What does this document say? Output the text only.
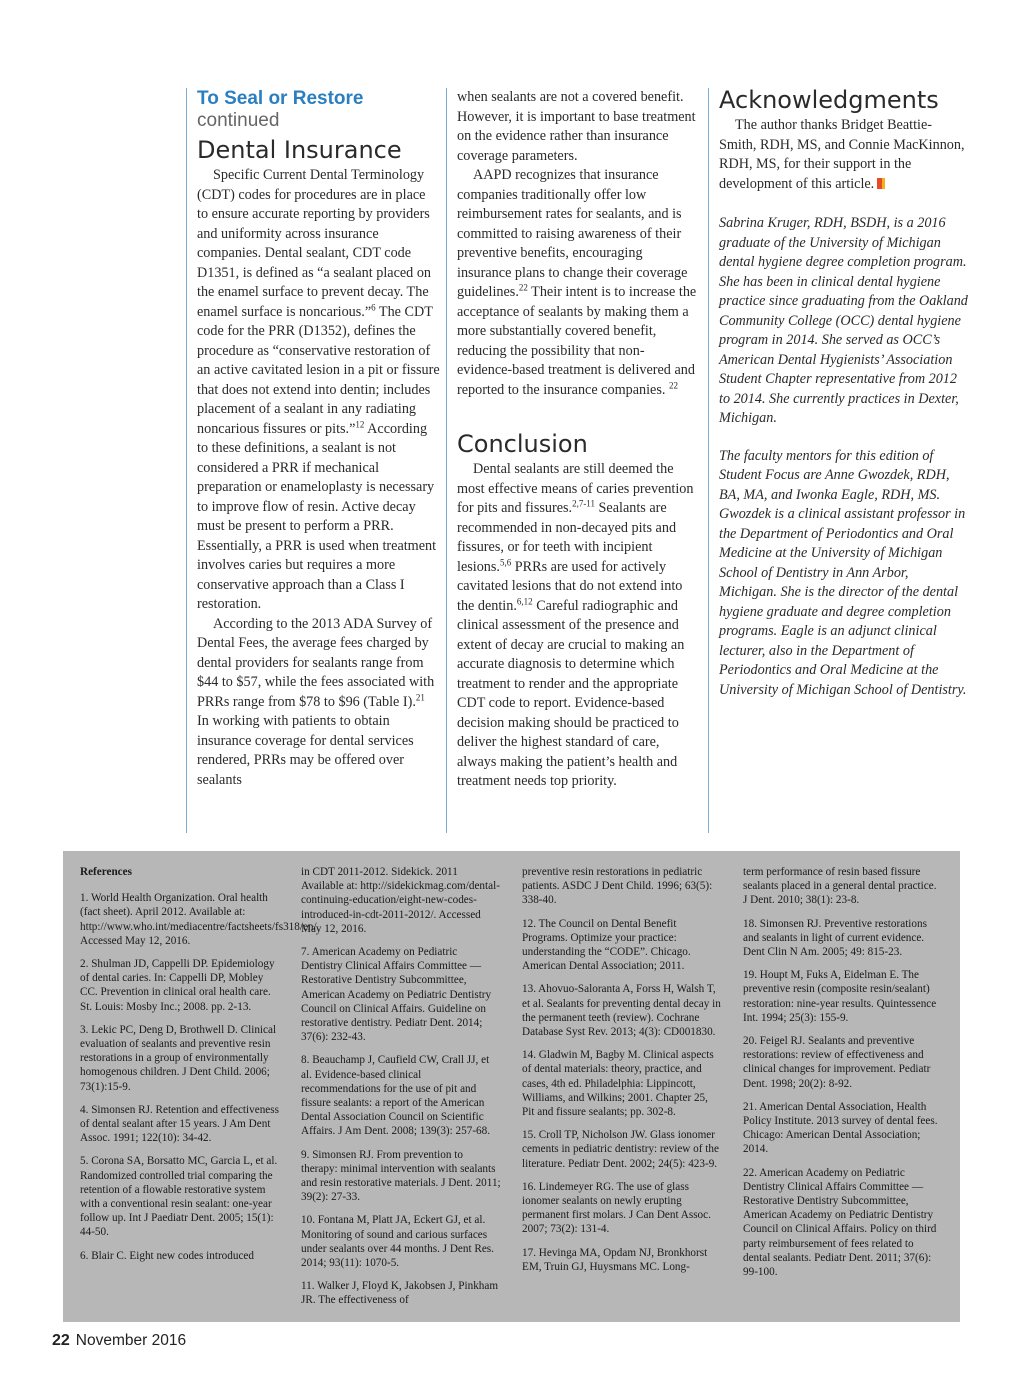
To Seal or Restore
continued
Dental Insurance

Specific Current Dental Terminology (CDT) codes for procedures are in place to ensure accurate reporting by providers and uniformity across insurance companies. Dental sealant, CDT code D1351, is defined as “a sealant placed on the enamel surface to prevent decay. The enamel surface is noncarious.”$^6$ The CDT code for the PRR (D1352), defines the procedure as “conservative restoration of an active cavitated lesion in a pit or fissure that does not extend into dentin; includes placement of a sealant in any radiating noncarious fissures or pits.”$^{12}$ According to these definitions, a sealant is not considered a PRR if mechanical preparation or enameloplasty is necessary to improve flow of resin. Active decay must be present to perform a PRR. Essentially, a PRR is used when treatment involves caries but requires a more conservative approach than a Class I restoration.

According to the 2013 ADA Survey of Dental Fees, the average fees charged by dental providers for sealants range from $44 to $57, while the fees associated with PRRs range from $78 to $96 (Table I).$^{21}$ In working with patients to obtain insurance coverage for dental services rendered, PRRs may be offered over sealants

when sealants are not a covered benefit. However, it is important to base treatment on the evidence rather than insurance coverage parameters.

AAPD recognizes that insurance companies traditionally offer low reimbursement rates for sealants, and is committed to raising awareness of their preventive benefits, encouraging insurance plans to change their coverage guidelines.$^{22}$ Their intent is to increase the acceptance of sealants by making them a more substantially covered benefit, reducing the possibility that non-evidence-based treatment is delivered and reported to the insurance companies. $^{22}$

Conclusion

Dental sealants are still deemed the most effective means of caries prevention for pits and fissures.$^{2,7-11}$ Sealants are recommended in non-decayed pits and fissures, or for teeth with incipient lesions.$^{5,6}$ PRRs are used for actively cavitated lesions that do not extend into the dentin.$^{6,12}$ Careful radiographic and clinical assessment of the presence and extent of decay are crucial to making an accurate diagnosis to determine which treatment to render and the appropriate CDT code to report. Evidence-based decision making should be practiced to deliver the highest standard of care, always making the patient’s health and treatment needs top priority.

Acknowledgments

The author thanks Bridget Beattie-Smith, RDH, MS, and Connie MacKinnon, RDH, MS, for their support in the development of this article.

Sabrina Kruger, RDH, BSDH, is a 2016 graduate of the University of Michigan dental hygiene degree completion program. She has been in clinical dental hygiene practice since graduating from the Oakland Community College (OCC) dental hygiene program in 2014. She served as OCC’s American Dental Hygienists’ Association Student Chapter representative from 2012 to 2014. She currently practices in Dexter, Michigan.

The faculty mentors for this edition of Student Focus are Anne Gwozdek, RDH, BA, MA, and Iwonka Eagle, RDH, MS. Gwozdek is a clinical assistant professor in the Department of Periodontics and Oral Medicine at the University of Michigan School of Dentistry in Ann Arbor, Michigan. She is the director of the dental hygiene graduate and degree completion programs. Eagle is an adjunct clinical lecturer, also in the Department of Periodontics and Oral Medicine at the University of Michigan School of Dentistry.

References

1. World Health Organization. Oral health (fact sheet). April 2012. Available at: http://www.who.int/mediacentre/factsheets/fs318/en/. Accessed May 12, 2016.

2. Shulman JD, Cappelli DP. Epidemiology of dental caries. In: Cappelli DP, Mobley CC. Prevention in clinical oral health care. St. Louis: Mosby Inc.; 2008. pp. 2-13.

3. Lekic PC, Deng D, Brothwell D. Clinical evaluation of sealants and preventive resin restorations in a group of environmentally homogenous children. J Dent Child. 2006; 73(1):15-9.

4. Simonsen RJ. Retention and effectiveness of dental sealant after 15 years. J Am Dent Assoc. 1991; 122(10): 34-42.

5. Corona SA, Borsatto MC, Garcia L, et al. Randomized controlled trial comparing the retention of a flowable restorative system with a conventional resin sealant: one-year follow up. Int J Paediatr Dent. 2005; 15(1): 44-50.

6. Blair C. Eight new codes introduced

in CDT 2011-2012. Sidekick. 2011 Available at: http://sidekickmag.com/dental-continuing-education/eight-new-codes-introduced-in-cdt-2011-2012/. Accessed May 12, 2016.

7. American Academy on Pediatric Dentistry Clinical Affairs Committee — Restorative Dentistry Subcommittee, American Academy on Pediatric Dentistry Council on Clinical Affairs. Guideline on restorative dentistry. Pediatr Dent. 2014; 37(6): 232-43.

8. Beauchamp J, Caufield CW, Crall JJ, et al. Evidence-based clinical recommendations for the use of pit and fissure sealants: a report of the American Dental Association Council on Scientific Affairs. J Am Dent. 2008; 139(3): 257-68.

9. Simonsen RJ. From prevention to therapy: minimal intervention with sealants and resin restorative materials. J Dent. 2011; 39(2): 27-33.

10. Fontana M, Platt JA, Eckert GJ, et al. Monitoring of sound and carious surfaces under sealants over 44 months. J Dent Res. 2014; 93(11): 1070-5.

11. Walker J, Floyd K, Jakobsen J, Pinkham JR. The effectiveness of

preventive resin restorations in pediatric patients. ASDC J Dent Child. 1996; 63(5): 338-40.

12. The Council on Dental Benefit Programs. Optimize your practice: understanding the “CODE”. Chicago. American Dental Association; 2011.

13. Ahovuo-Saloranta A, Forss H, Walsh T, et al. Sealants for preventing dental decay in the permanent teeth (review). Cochrane Database Syst Rev. 2013; 4(3): CD001830.

14. Gladwin M, Bagby M. Clinical aspects of dental materials: theory, practice, and cases, 4th ed. Philadelphia: Lippincott, Williams, and Wilkins; 2001. Chapter 25, Pit and fissure sealants; pp. 302-8.

15. Croll TP, Nicholson JW. Glass ionomer cements in pediatric dentistry: review of the literature. Pediatr Dent. 2002; 24(5): 423-9.

16. Lindemeyer RG. The use of glass ionomer sealants on newly erupting permanent first molars. J Can Dent Assoc. 2007; 73(2): 131-4.

17. Hevinga MA, Opdam NJ, Bronkhorst EM, Truin GJ, Huysmans MC. Long-

term performance of resin based fissure sealants placed in a general dental practice. J Dent. 2010; 38(1): 23-8.

18. Simonsen RJ. Preventive restorations and sealants in light of current evidence. Dent Clin N Am. 2005; 49: 815-23.

19. Houpt M, Fuks A, Eidelman E. The preventive resin (composite resin/sealant) restoration: nine-year results. Quintessence Int. 1994; 25(3): 155-9.

20. Feigel RJ. Sealants and preventive restorations: review of effectiveness and clinical changes for improvement. Pediatr Dent. 1998; 20(2): 8-92.

21. American Dental Association, Health Policy Institute. 2013 survey of dental fees. Chicago: American Dental Association; 2014.

22. American Academy on Pediatric Dentistry Clinical Affairs Committee — Restorative Dentistry Subcommittee, American Academy on Pediatric Dentistry Council on Clinical Affairs. Policy on third party reimbursement of fees related to dental sealants. Pediatr Dent. 2011; 37(6): 99-100.

22 November 2016
